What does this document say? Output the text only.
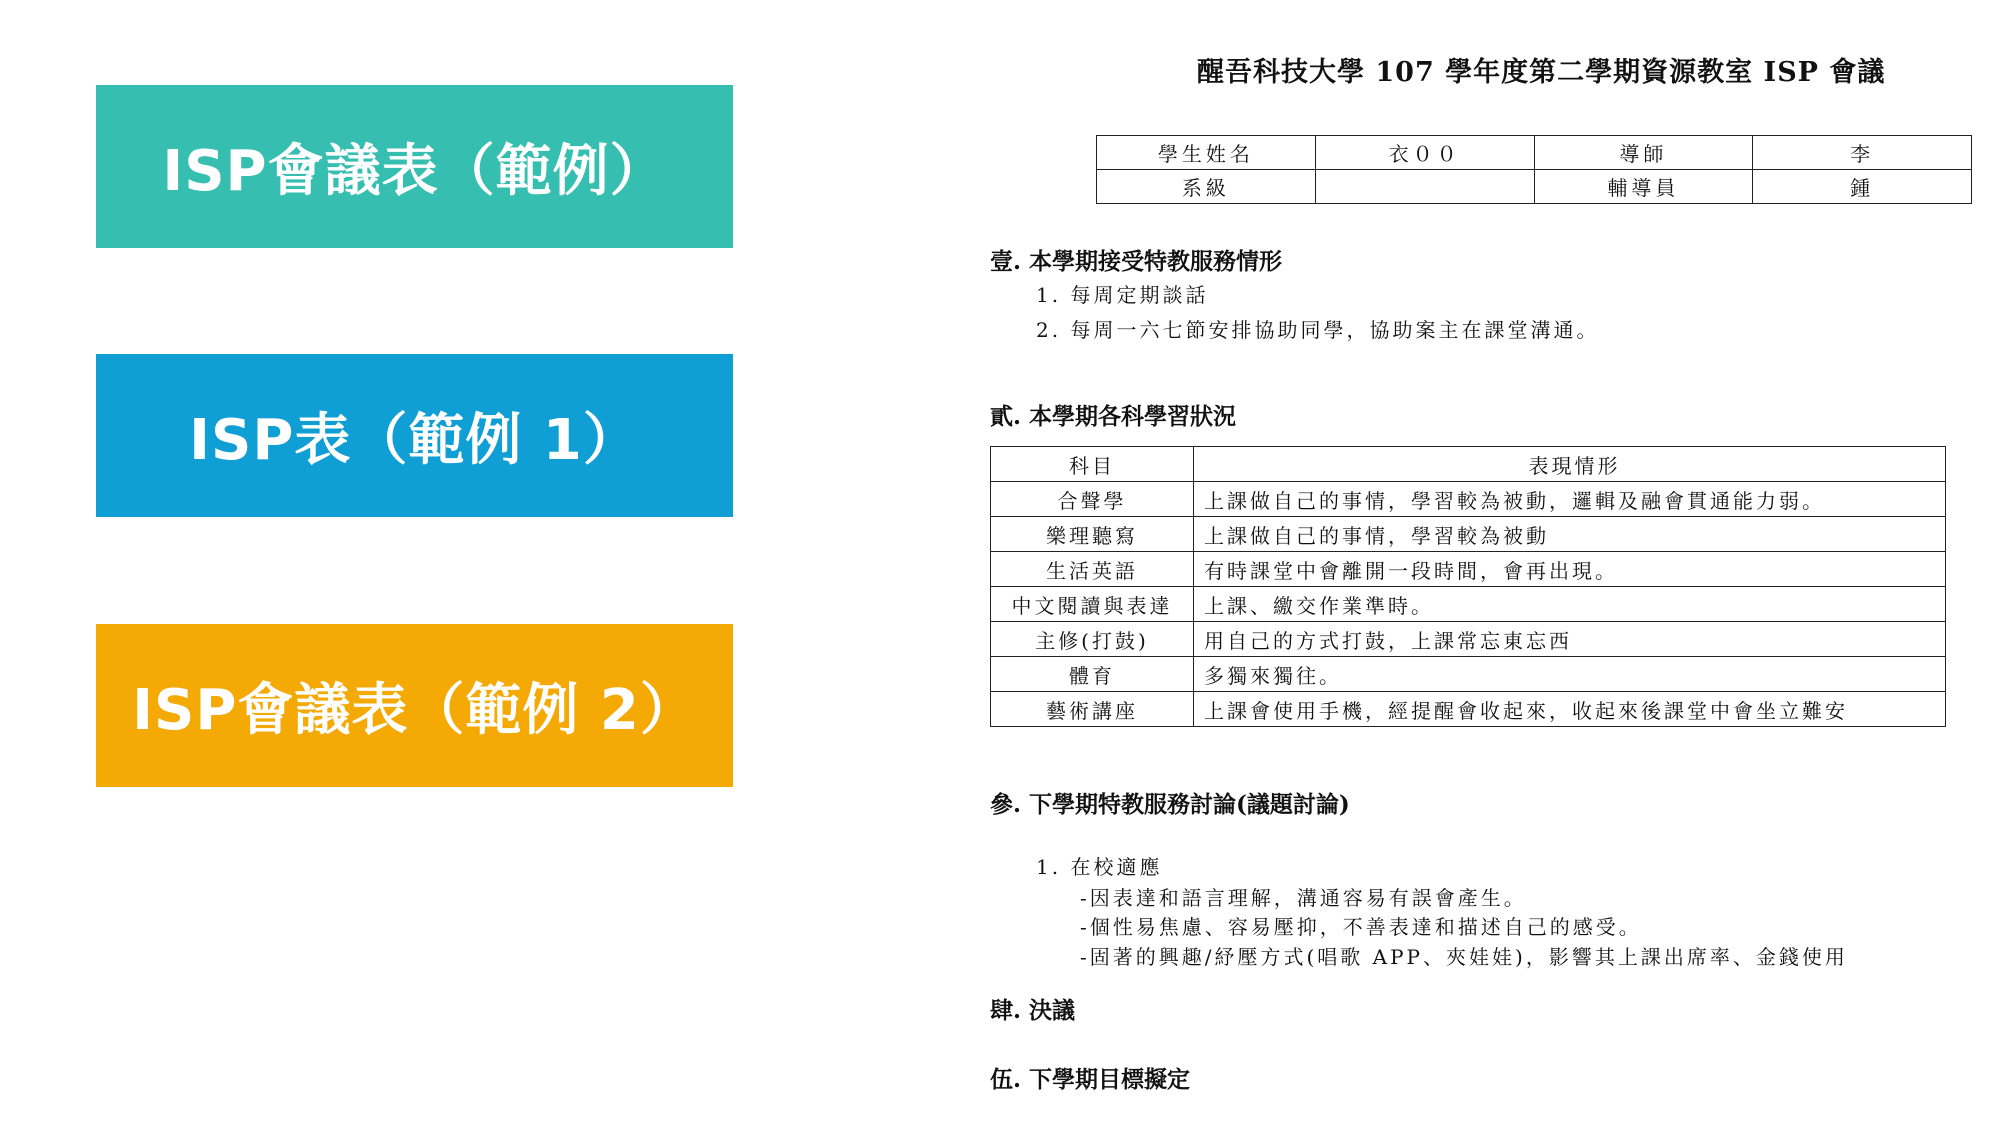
ISP會議表（範例）
ISP表（範例 1）
ISP會議表（範例 2）
醒吾科技大學 107 學年度第二學期資源教室 ISP 會議
學生姓名	衣００	導師	李
系級		輔導員	鍾
壹. 本學期接受特教服務情形
1. 每周定期談話
2. 每周一六七節安排協助同學，協助案主在課堂溝通。
貳. 本學期各科學習狀況
科目	表現情形
合聲學	上課做自己的事情，學習較為被動，邏輯及融會貫通能力弱。
樂理聽寫	上課做自己的事情，學習較為被動
生活英語	有時課堂中會離開一段時間，會再出現。
中文閱讀與表達	上課、繳交作業準時。
主修(打鼓)	用自己的方式打鼓，上課常忘東忘西
體育	多獨來獨往。
藝術講座	上課會使用手機，經提醒會收起來，收起來後課堂中會坐立難安
參. 下學期特教服務討論(議題討論)
1. 在校適應
-因表達和語言理解，溝通容易有誤會產生。
-個性易焦慮、容易壓抑，不善表達和描述自己的感受。
-固著的興趣/紓壓方式(唱歌 APP、夾娃娃)，影響其上課出席率、金錢使用
肆. 決議
伍. 下學期目標擬定
